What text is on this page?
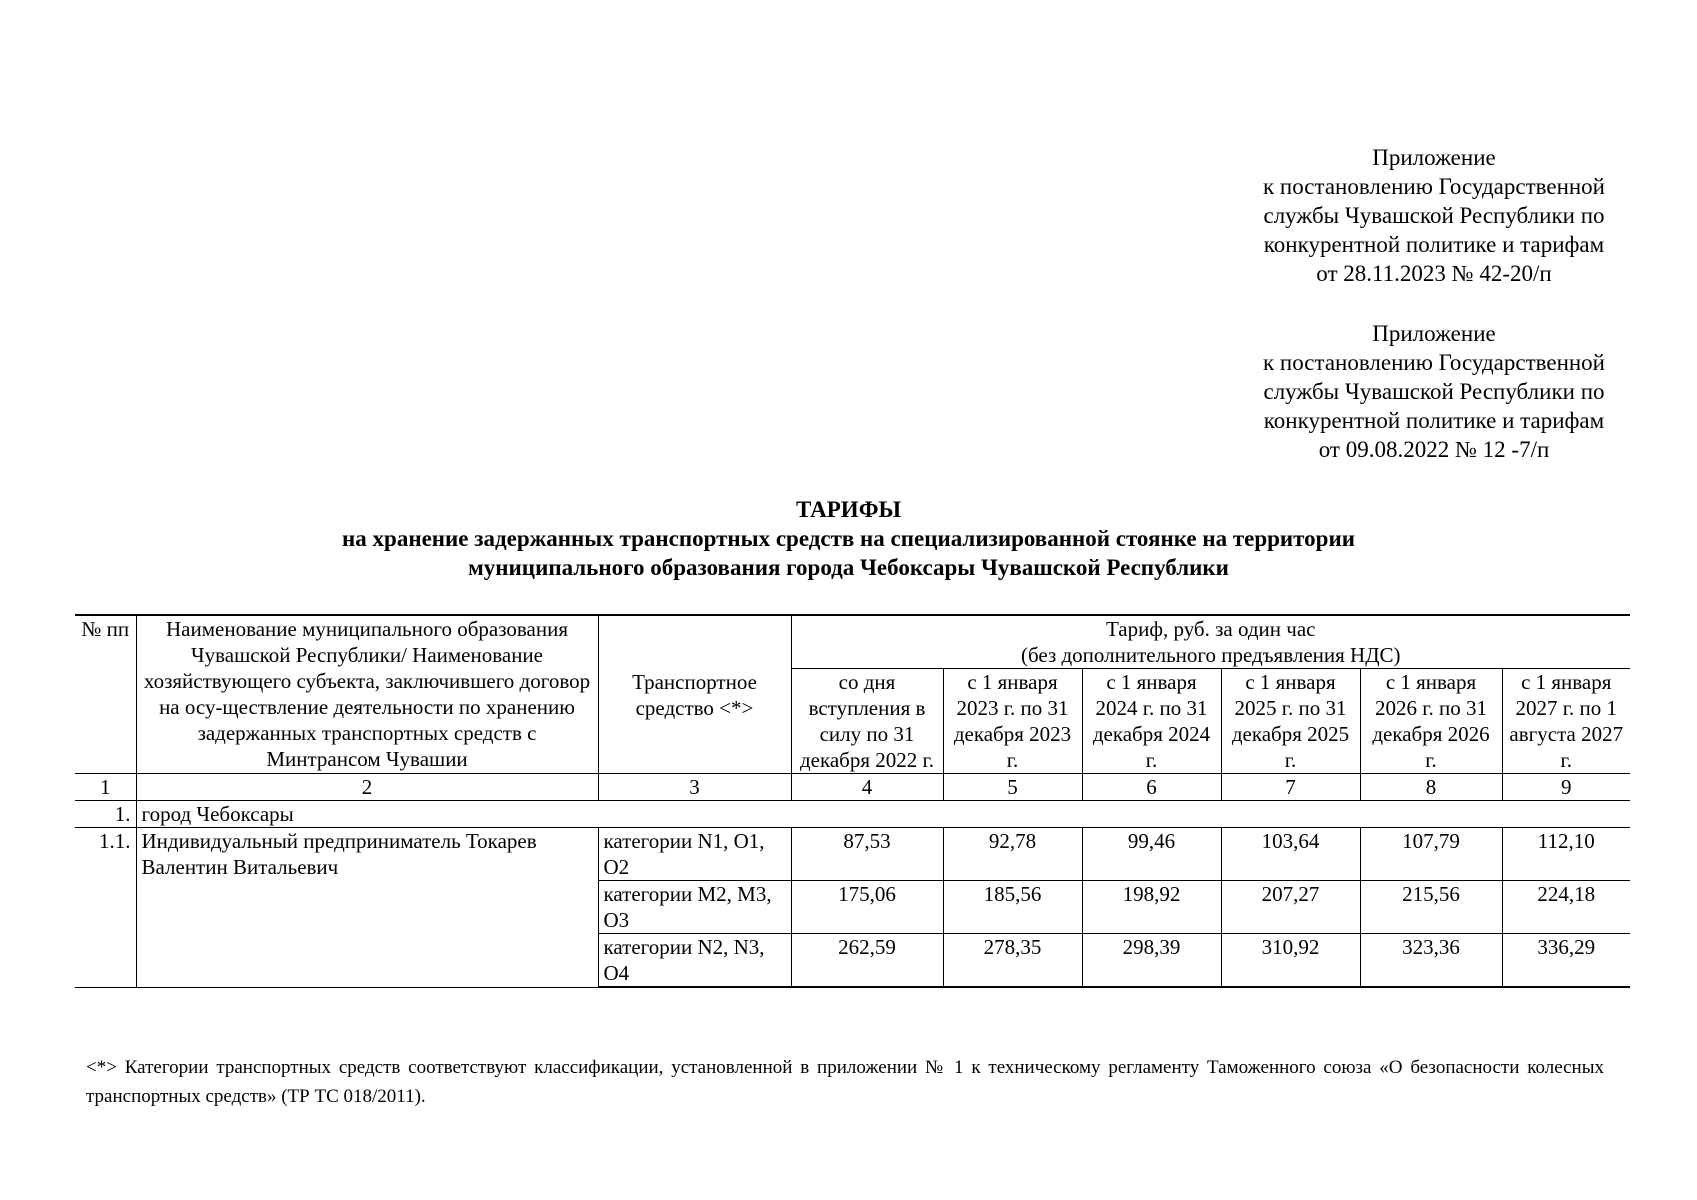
Приложение
к постановлению Государственной
службы Чувашской Республики по
конкурентной политике и тарифам
от 28.11.2023 № 42-20/п
Приложение
к постановлению Государственной
службы Чувашской Республики по
конкурентной политике и тарифам
от 09.08.2022 № 12 -7/п
ТАРИФЫ
на хранение задержанных транспортных средств на специализированной стоянке на территории
муниципального образования города Чебоксары Чувашской Республики
№ пп	Наименование муниципального образования Чувашской Республики/ Наименование хозяйствующего субъекта, заключившего договор на осу-ществление деятельности по хранению задержанных транспортных средств с Минтрансом Чувашии	Транспортное средство <*>	Тариф, руб. за один час
(без дополнительного предъявления НДС)					

			со дня вступления в силу по 31 декабря 2022 г.	с 1 января 2023 г. по 31 декабря 2023 г.	с 1 января 2024 г. по 31 декабря 2024 г.	с 1 января 2025 г. по 31 декабря 2025 г.	с 1 января 2026 г. по 31 декабря 2026 г.	с 1 января 2027 г. по 1 августа 2027 г.
1	2	3	4	5	6	7	8	9
1.	город Чебоксары							
1.1.	Индивидуальный предприниматель Токарев Валентин Витальевич	категории N1, O1, O2	87,53	92,78	99,46	103,64	107,79	112,10
		категории M2, M3, O3	175,06	185,56	198,92	207,27	215,56	224,18
		категории N2, N3, O4	262,59	278,35	298,39	310,92	323,36	336,29
<*> Категории транспортных средств соответствуют классификации, установленной в приложении № 1 к техническому регламенту Таможенного союза «О безопасности колесных транспортных средств» (ТР ТС 018/2011).
